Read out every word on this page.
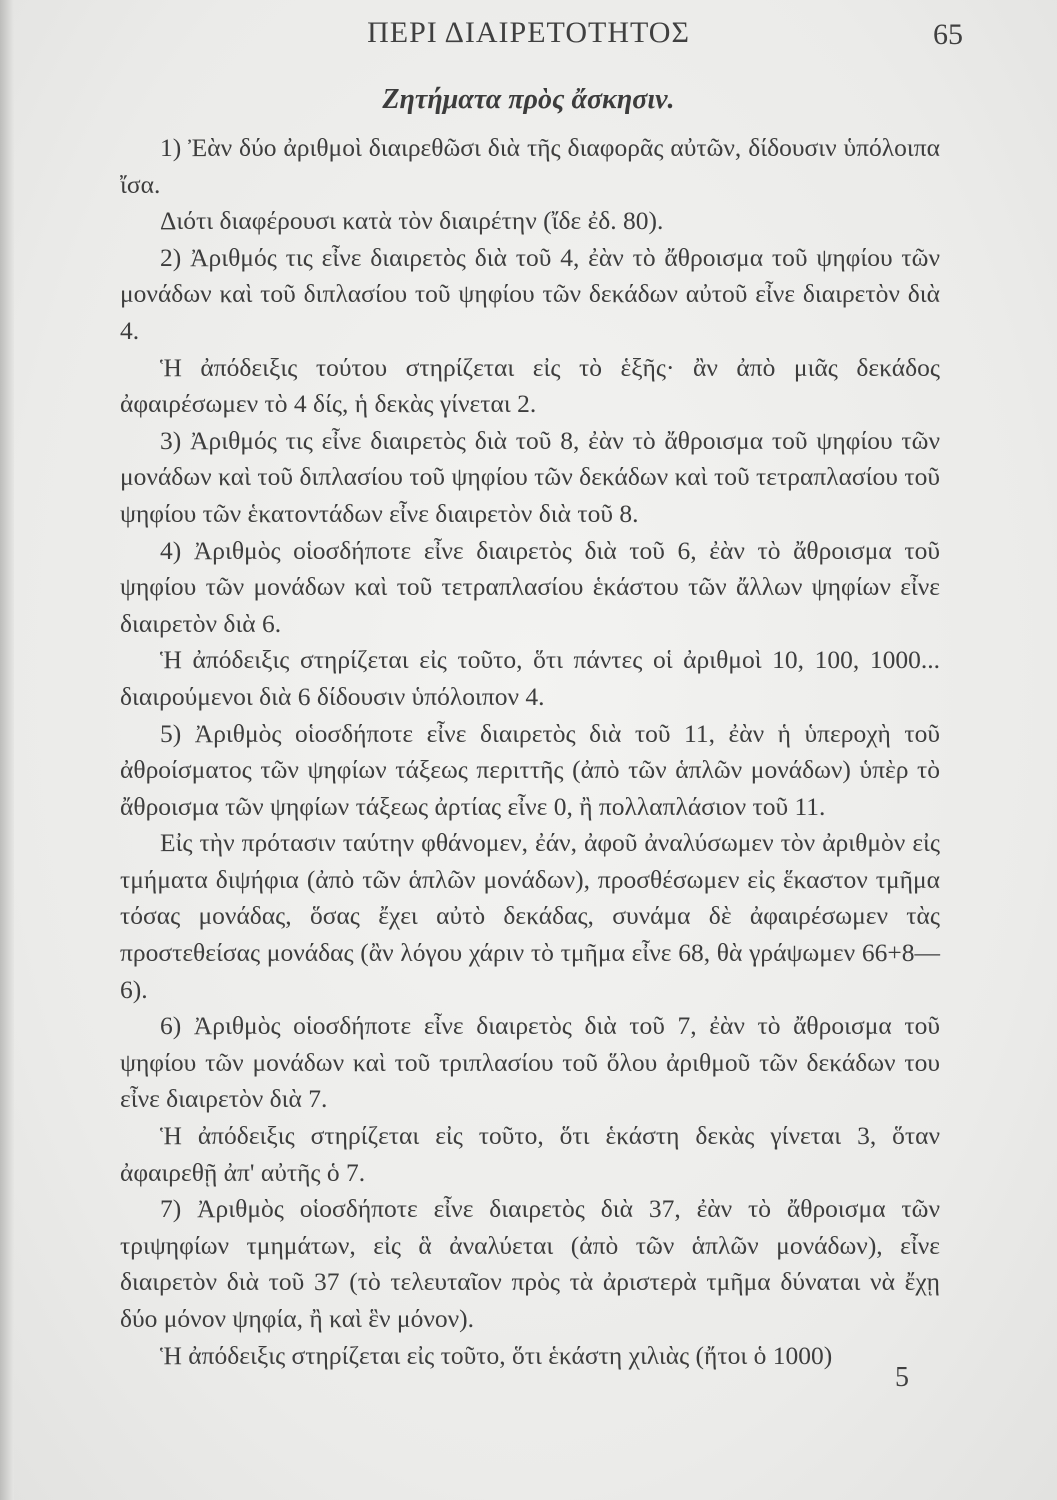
ΠΕΡΙ ΔΙΑΙΡΕΤΟΤΗΤΟΣ	65
Ζητήματα πρὸς ἄσκησιν.

1) Ἐὰν δύο ἀριθμοὶ διαιρεθῶσι διὰ τῆς διαφορᾶς αὐτῶν, δίδουσιν ὑπόλοιπα ἴσα.

Διότι διαφέρουσι κατὰ τὸν διαιρέτην (ἴδε ἐδ. 80).

2) Ἀριθμός τις εἶνε διαιρετὸς διὰ τοῦ 4, ἐὰν τὸ ἄθροισμα τοῦ ψηφίου τῶν μονάδων καὶ τοῦ διπλασίου τοῦ ψηφίου τῶν δεκάδων αὐτοῦ εἶνε διαιρετὸν διὰ 4.

Ἡ ἀπόδειξις τούτου στηρίζεται εἰς τὸ ἑξῆς· ἂν ἀπὸ μιᾶς δεκάδος ἀφαιρέσωμεν τὸ 4 δίς, ἡ δεκὰς γίνεται 2.

3) Ἀριθμός τις εἶνε διαιρετὸς διὰ τοῦ 8, ἐὰν τὸ ἄθροισμα τοῦ ψηφίου τῶν μονάδων καὶ τοῦ διπλασίου τοῦ ψηφίου τῶν δεκάδων καὶ τοῦ τετραπλασίου τοῦ ψηφίου τῶν ἑκατοντάδων εἶνε διαιρετὸν διὰ τοῦ 8.

4) Ἀριθμὸς οἱοσδήποτε εἶνε διαιρετὸς διὰ τοῦ 6, ἐὰν τὸ ἄθροισμα τοῦ ψηφίου τῶν μονάδων καὶ τοῦ τετραπλασίου ἑκάστου τῶν ἄλλων ψηφίων εἶνε διαιρετὸν διὰ 6.

Ἡ ἀπόδειξις στηρίζεται εἰς τοῦτο, ὅτι πάντες οἱ ἀριθμοὶ 10, 100, 1000... διαιρούμενοι διὰ 6 δίδουσιν ὑπόλοιπον 4.

5) Ἀριθμὸς οἱοσδήποτε εἶνε διαιρετὸς διὰ τοῦ 11, ἐὰν ἡ ὑπεροχὴ τοῦ ἀθροίσματος τῶν ψηφίων τάξεως περιττῆς (ἀπὸ τῶν ἁπλῶν μονάδων) ὑπὲρ τὸ ἄθροισμα τῶν ψηφίων τάξεως ἀρτίας εἶνε 0, ἢ πολλαπλάσιον τοῦ 11.

Εἰς τὴν πρότασιν ταύτην φθάνομεν, ἐάν, ἀφοῦ ἀναλύσωμεν τὸν ἀριθμὸν εἰς τμήματα διψήφια (ἀπὸ τῶν ἁπλῶν μονάδων), προσθέσωμεν εἰς ἕκαστον τμῆμα τόσας μονάδας, ὅσας ἔχει αὐτὸ δεκάδας, συνάμα δὲ ἀφαιρέσωμεν τὰς προστεθείσας μονάδας (ἂν λόγου χάριν τὸ τμῆμα εἶνε 68, θὰ γράψωμεν 66+8—6).

6) Ἀριθμὸς οἱοσδήποτε εἶνε διαιρετὸς διὰ τοῦ 7, ἐὰν τὸ ἄθροισμα τοῦ ψηφίου τῶν μονάδων καὶ τοῦ τριπλασίου τοῦ ὅλου ἀριθμοῦ τῶν δεκάδων του εἶνε διαιρετὸν διὰ 7.

Ἡ ἀπόδειξις στηρίζεται εἰς τοῦτο, ὅτι ἑκάστη δεκὰς γίνεται 3, ὅταν ἀφαιρεθῇ ἀπ' αὐτῆς ὁ 7.

7) Ἀριθμὸς οἱοσδήποτε εἶνε διαιρετὸς διὰ 37, ἐὰν τὸ ἄθροισμα τῶν τριψηφίων τμημάτων, εἰς ἃ ἀναλύεται (ἀπὸ τῶν ἁπλῶν μονάδων), εἶνε διαιρετὸν διὰ τοῦ 37 (τὸ τελευταῖον πρὸς τὰ ἀριστερὰ τμῆμα δύναται νὰ ἔχῃ δύο μόνον ψηφία, ἢ καὶ ἓν μόνον).

Ἡ ἀπόδειξις στηρίζεται εἰς τοῦτο, ὅτι ἑκάστη χιλιὰς (ἤτοι ὁ 1000)

5
